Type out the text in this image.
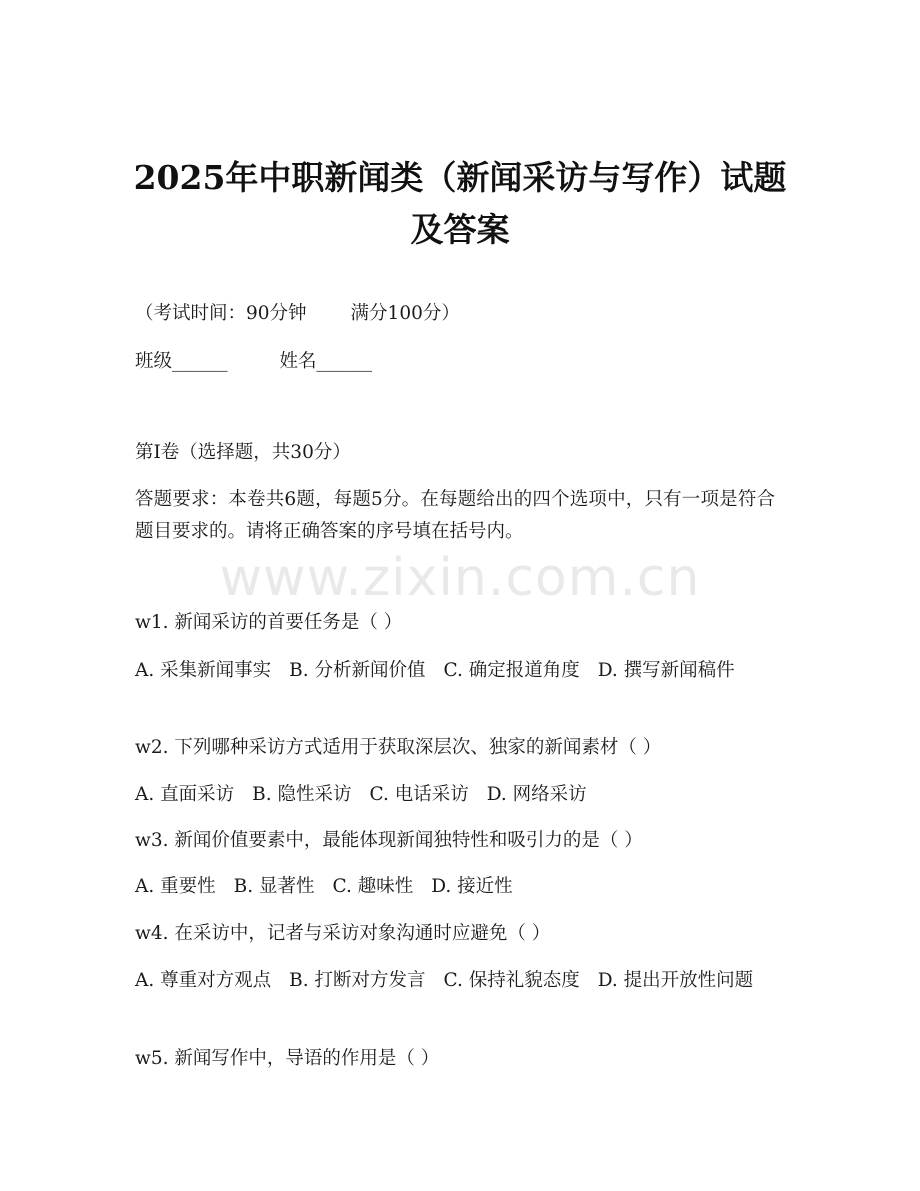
2025年中职新闻类（新闻采访与写作）试题
及答案

（考试时间：90分钟 满分100分）

班级______	姓名______

第Ⅰ卷（选择题，共30分）

答题要求：本卷共6题，每题5分。在每题给出的四个选项中，只有一项是符合题目要求的。请将正确答案的序号填在括号内。

www.zixin.com.cn

w1. 新闻采访的首要任务是（ ）

A. 采集新闻事实 B. 分析新闻价值 C. 确定报道角度 D. 撰写新闻稿件

w2. 下列哪种采访方式适用于获取深层次、独家的新闻素材（ ）

A. 直面采访 B. 隐性采访 C. 电话采访 D. 网络采访

w3. 新闻价值要素中，最能体现新闻独特性和吸引力的是（ ）

A. 重要性 B. 显著性 C. 趣味性 D. 接近性

w4. 在采访中，记者与采访对象沟通时应避免（ ）

A. 尊重对方观点 B. 打断对方发言 C. 保持礼貌态度 D. 提出开放性问题

w5. 新闻写作中，导语的作用是（ ）
